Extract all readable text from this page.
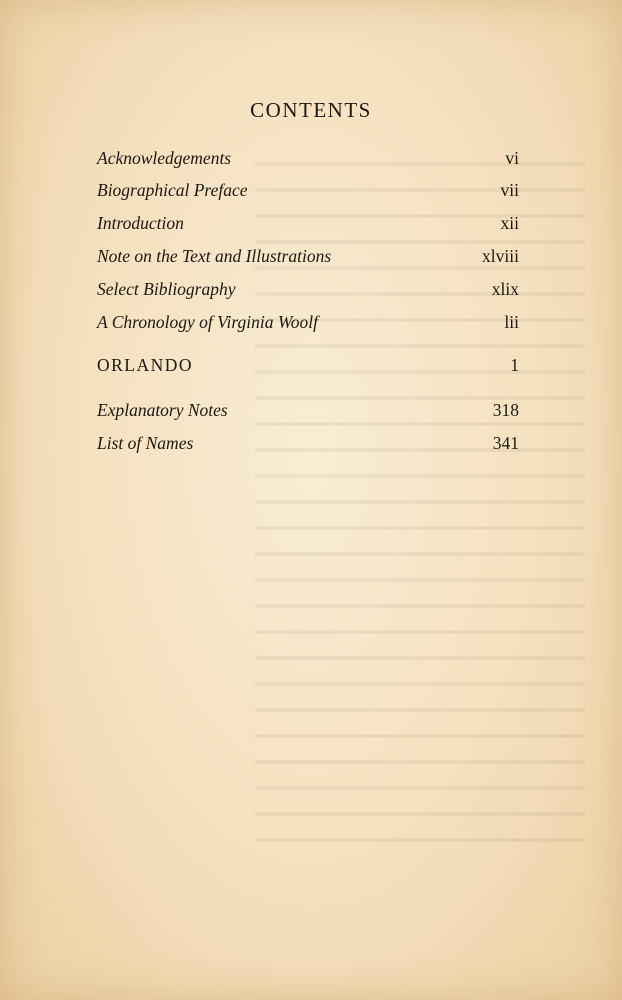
CONTENTS
Acknowledgements	vi
Biographical Preface	vii
Introduction	xii
Note on the Text and Illustrations	xlviii
Select Bibliography	xlix
A Chronology of Virginia Woolf	lii
ORLANDO	1
Explanatory Notes	318
List of Names	341
